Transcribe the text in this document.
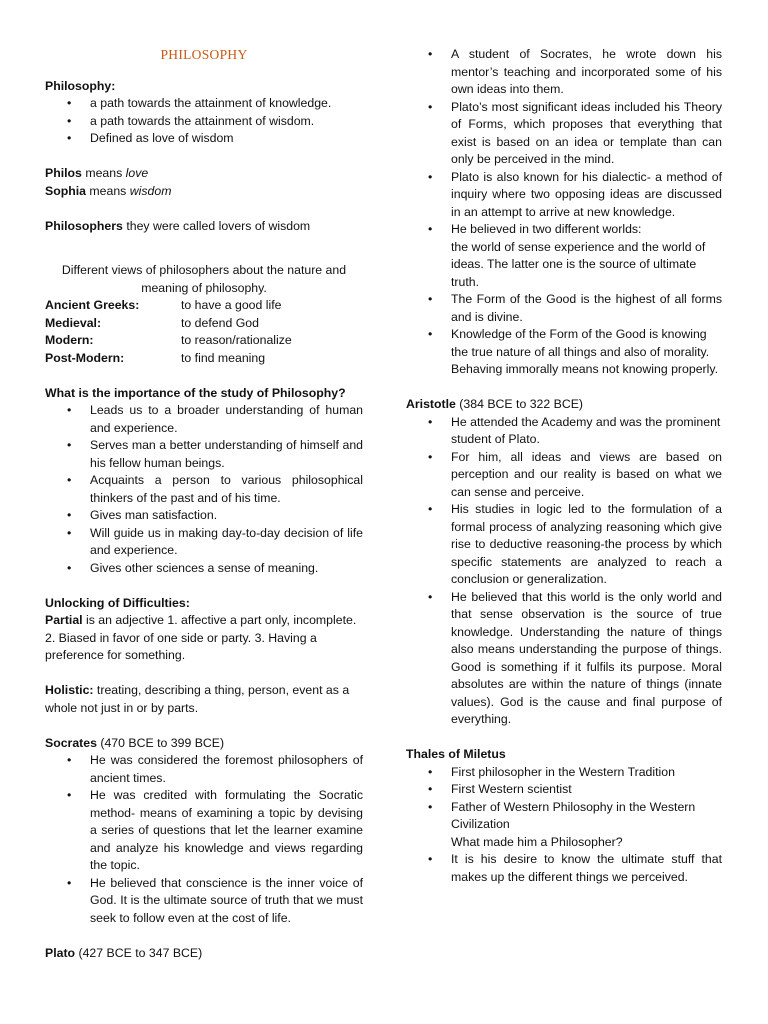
PHILOSOPHY

Philosophy:

• a path towards the attainment of knowledge.
• a path towards the attainment of wisdom.
• Defined as love of wisdom

Philos means love

Sophia means wisdom

Philosophers they were called lovers of wisdom

Different views of philosophers about the nature and meaning of philosophy.

Ancient Greeks:	to have a good life
Medieval:	to defend God
Modern:	to reason/rationalize
Post-Modern:	to find meaning

What is the importance of the study of Philosophy?

• Leads us to a broader understanding of human and experience.
• Serves man a better understanding of himself and his fellow human beings.
• Acquaints a person to various philosophical thinkers of the past and of his time.
• Gives man satisfaction.
• Will guide us in making day-to-day decision of life and experience.
• Gives other sciences a sense of meaning.

Unlocking of Difficulties:

Partial is an adjective 1. affective a part only, incomplete. 2. Biased in favor of one side or party. 3. Having a preference for something.

Holistic: treating, describing a thing, person, event as a whole not just in or by parts.

Socrates (470 BCE to 399 BCE)

• He was considered the foremost philosophers of ancient times.
• He was credited with formulating the Socratic method- means of examining a topic by devising a series of questions that let the learner examine and analyze his knowledge and views regarding the topic.
• He believed that conscience is the inner voice of God. It is the ultimate source of truth that we must seek to follow even at the cost of life.

Plato (427 BCE to 347 BCE)

• A student of Socrates, he wrote down his mentor’s teaching and incorporated some of his own ideas into them.
• Plato’s most significant ideas included his Theory of Forms, which proposes that everything that exist is based on an idea or template than can only be perceived in the mind.
• Plato is also known for his dialectic- a method of inquiry where two opposing ideas are discussed in an attempt to arrive at new knowledge.
• He believed in two different worlds:
the world of sense experience and the world of ideas. The latter one is the source of ultimate truth.
• The Form of the Good is the highest of all forms and is divine.
• Knowledge of the Form of the Good is knowing the true nature of all things and also of morality. Behaving immorally means not knowing properly.

Aristotle (384 BCE to 322 BCE)

• He attended the Academy and was the prominent student of Plato.
• For him, all ideas and views are based on perception and our reality is based on what we can sense and perceive.
• His studies in logic led to the formulation of a formal process of analyzing reasoning which give rise to deductive reasoning-the process by which specific statements are analyzed to reach a conclusion or generalization.
• He believed that this world is the only world and that sense observation is the source of true knowledge. Understanding the nature of things also means understanding the purpose of things. Good is something if it fulfils its purpose. Moral absolutes are within the nature of things (innate values). God is the cause and final purpose of everything.

Thales of Miletus

• First philosopher in the Western Tradition
• First Western scientist
• Father of Western Philosophy in the Western Civilization
What made him a Philosopher?
• It is his desire to know the ultimate stuff that makes up the different things we perceived.
